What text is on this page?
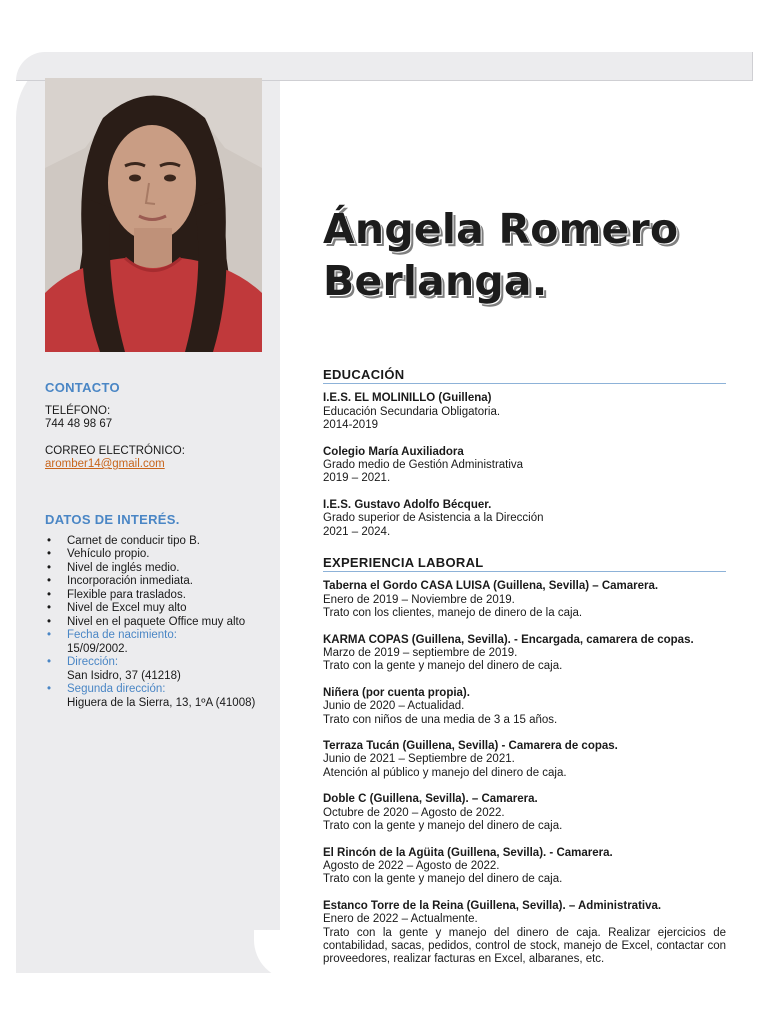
Ángela Romero
Berlanga.
CONTACTO
TELÉFONO:
744 48 98 67
CORREO ELECTRÓNICO:
aromber14@gmail.com
DATOS DE INTERÉS.
• Carnet de conducir tipo B.
• Vehículo propio.
• Nivel de inglés medio.
• Incorporación inmediata.
• Flexible para traslados.
• Nivel de Excel muy alto
• Nivel en el paquete Office muy alto
• Fecha de nacimiento:
15/09/2002.
• Dirección:
San Isidro, 37 (41218)
• Segunda dirección:
Higuera de la Sierra, 13, 1ºA (41008)
EDUCACIÓN
I.E.S. EL MOLINILLO (Guillena)
Educación Secundaria Obligatoria.
2014-2019
Colegio María Auxiliadora
Grado medio de Gestión Administrativa
2019 – 2021.
I.E.S. Gustavo Adolfo Bécquer.
Grado superior de Asistencia a la Dirección
2021 – 2024.
EXPERIENCIA LABORAL
Taberna el Gordo CASA LUISA (Guillena, Sevilla) – Camarera.
Enero de 2019 – Noviembre de 2019.
Trato con los clientes, manejo de dinero de la caja.
KARMA COPAS (Guillena, Sevilla). - Encargada, camarera de copas.
Marzo de 2019 – septiembre de 2019.
Trato con la gente y manejo del dinero de caja.
Niñera (por cuenta propia).
Junio de 2020 – Actualidad.
Trato con niños de una media de 3 a 15 años.
Terraza Tucán (Guillena, Sevilla) - Camarera de copas.
Junio de 2021 – Septiembre de 2021.
Atención al público y manejo del dinero de caja.
Doble C (Guillena, Sevilla). – Camarera.
Octubre de 2020 – Agosto de 2022.
Trato con la gente y manejo del dinero de caja.
El Rincón de la Agüita (Guillena, Sevilla). - Camarera.
Agosto de 2022 – Agosto de 2022.
Trato con la gente y manejo del dinero de caja.
Estanco Torre de la Reina (Guillena, Sevilla). – Administrativa.
Enero de 2022 – Actualmente.
Trato con la gente y manejo del dinero de caja. Realizar ejercicios de contabilidad, sacas, pedidos, control de stock, manejo de Excel, contactar con proveedores, realizar facturas en Excel, albaranes, etc.
